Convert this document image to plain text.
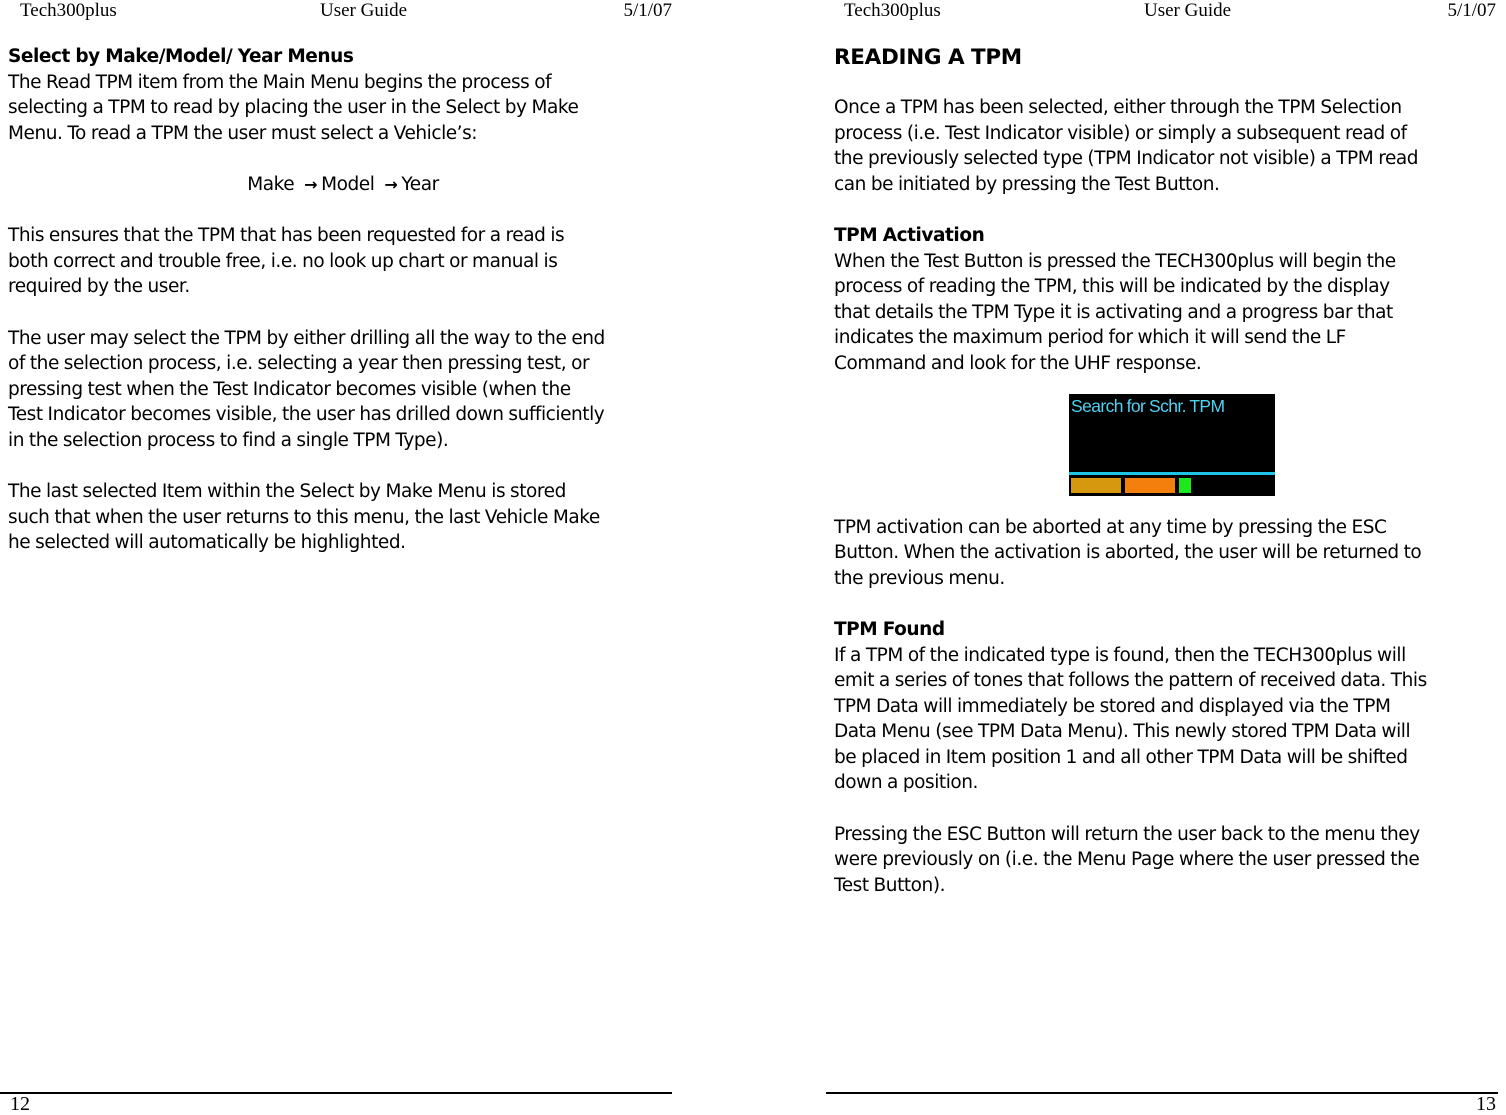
Tech300plus	User Guide	5/1/07

Select by Make/Model/ Year Menus

The Read TPM item from the Main Menu begins the process of

selecting a TPM to read by placing the user in the Select by Make

Menu. To read a TPM the user must select a Vehicle’s:

Make → Model → Year

This ensures that the TPM that has been requested for a read is

both correct and trouble free, i.e. no look up chart or manual is

required by the user.

The user may select the TPM by either drilling all the way to the end

of the selection process, i.e. selecting a year then pressing test, or

pressing test when the Test Indicator becomes visible (when the

Test Indicator becomes visible, the user has drilled down sufficiently

in the selection process to find a single TPM Type).

The last selected Item within the Select by Make Menu is stored

such that when the user returns to this menu, the last Vehicle Make

he selected will automatically be highlighted.

12
Tech300plus	User Guide	5/1/07

READING A TPM

Once a TPM has been selected, either through the TPM Selection

process (i.e. Test Indicator visible) or simply a subsequent read of

the previously selected type (TPM Indicator not visible) a TPM read

can be initiated by pressing the Test Button.

TPM Activation

When the Test Button is pressed the TECH300plus will begin the

process of reading the TPM, this will be indicated by the display

that details the TPM Type it is activating and a progress bar that

indicates the maximum period for which it will send the LF

Command and look for the UHF response.

Search for Schr. TPM

TPM activation can be aborted at any time by pressing the ESC

Button. When the activation is aborted, the user will be returned to

the previous menu.

TPM Found

If a TPM of the indicated type is found, then the TECH300plus will

emit a series of tones that follows the pattern of received data. This

TPM Data will immediately be stored and displayed via the TPM

Data Menu (see TPM Data Menu). This newly stored TPM Data will

be placed in Item position 1 and all other TPM Data will be shifted

down a position.

Pressing the ESC Button will return the user back to the menu they

were previously on (i.e. the Menu Page where the user pressed the

Test Button).

13
